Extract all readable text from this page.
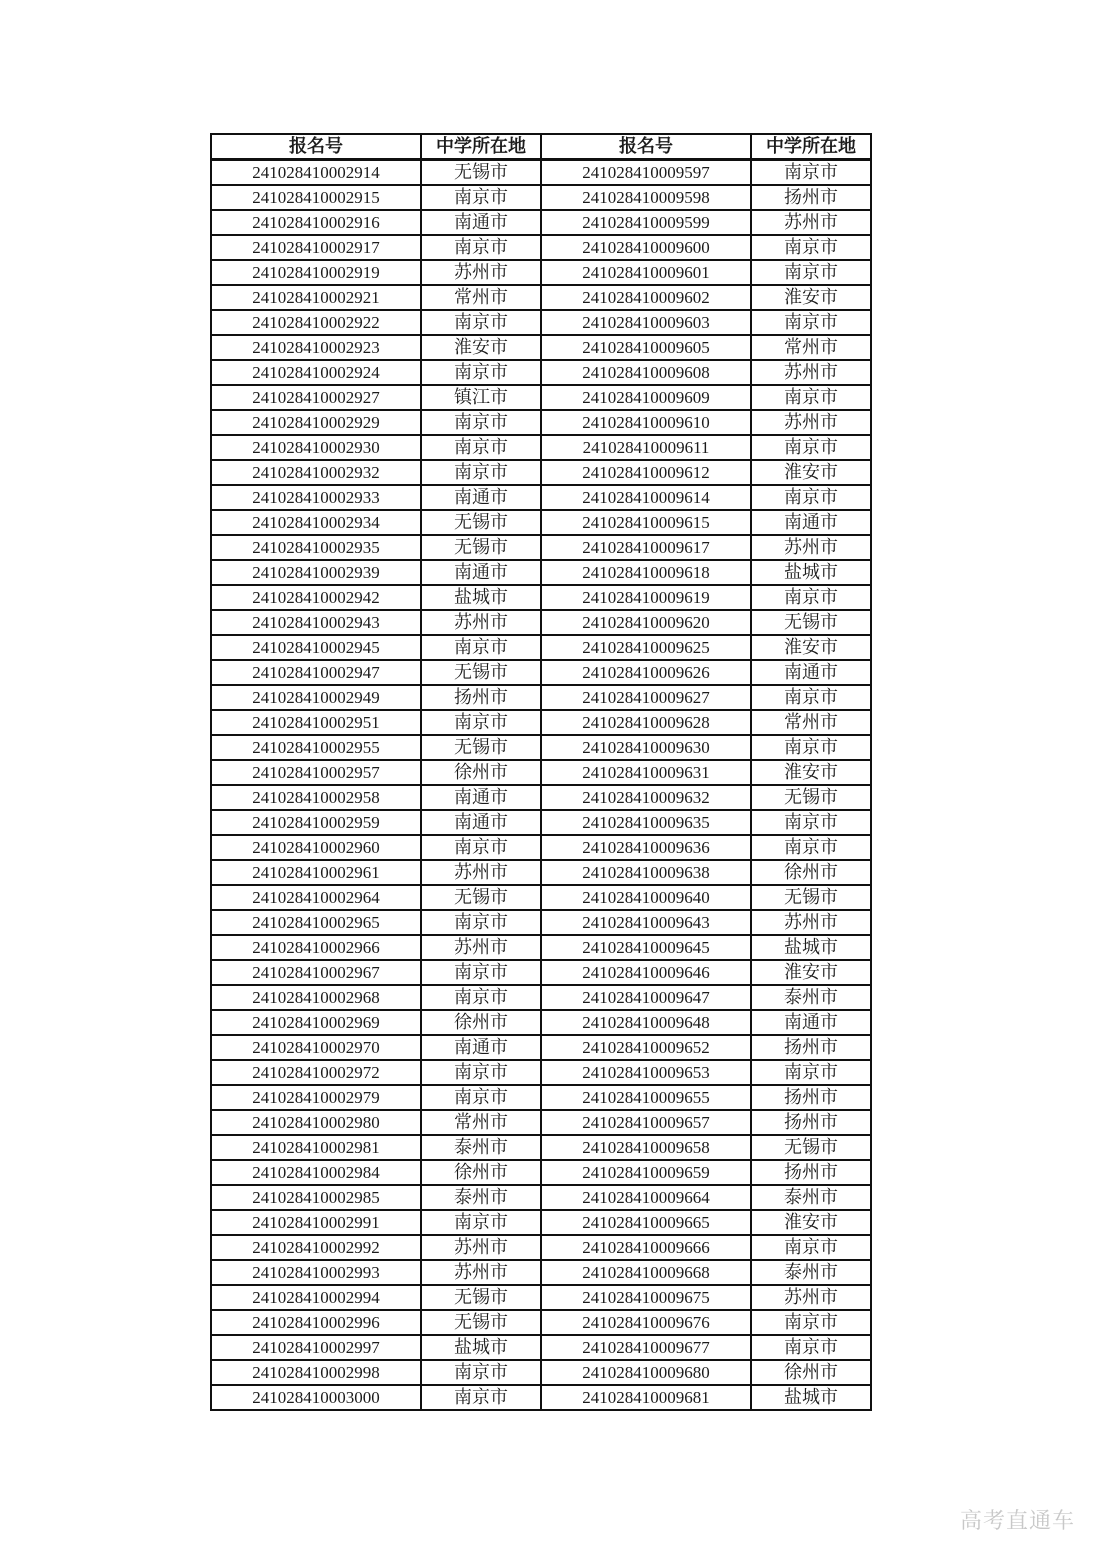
报名号	中学所在地	报名号	中学所在地
241028410002914	无锡市	241028410009597	南京市
241028410002915	南京市	241028410009598	扬州市
241028410002916	南通市	241028410009599	苏州市
241028410002917	南京市	241028410009600	南京市
241028410002919	苏州市	241028410009601	南京市
241028410002921	常州市	241028410009602	淮安市
241028410002922	南京市	241028410009603	南京市
241028410002923	淮安市	241028410009605	常州市
241028410002924	南京市	241028410009608	苏州市
241028410002927	镇江市	241028410009609	南京市
241028410002929	南京市	241028410009610	苏州市
241028410002930	南京市	241028410009611	南京市
241028410002932	南京市	241028410009612	淮安市
241028410002933	南通市	241028410009614	南京市
241028410002934	无锡市	241028410009615	南通市
241028410002935	无锡市	241028410009617	苏州市
241028410002939	南通市	241028410009618	盐城市
241028410002942	盐城市	241028410009619	南京市
241028410002943	苏州市	241028410009620	无锡市
241028410002945	南京市	241028410009625	淮安市
241028410002947	无锡市	241028410009626	南通市
241028410002949	扬州市	241028410009627	南京市
241028410002951	南京市	241028410009628	常州市
241028410002955	无锡市	241028410009630	南京市
241028410002957	徐州市	241028410009631	淮安市
241028410002958	南通市	241028410009632	无锡市
241028410002959	南通市	241028410009635	南京市
241028410002960	南京市	241028410009636	南京市
241028410002961	苏州市	241028410009638	徐州市
241028410002964	无锡市	241028410009640	无锡市
241028410002965	南京市	241028410009643	苏州市
241028410002966	苏州市	241028410009645	盐城市
241028410002967	南京市	241028410009646	淮安市
241028410002968	南京市	241028410009647	泰州市
241028410002969	徐州市	241028410009648	南通市
241028410002970	南通市	241028410009652	扬州市
241028410002972	南京市	241028410009653	南京市
241028410002979	南京市	241028410009655	扬州市
241028410002980	常州市	241028410009657	扬州市
241028410002981	泰州市	241028410009658	无锡市
241028410002984	徐州市	241028410009659	扬州市
241028410002985	泰州市	241028410009664	泰州市
241028410002991	南京市	241028410009665	淮安市
241028410002992	苏州市	241028410009666	南京市
241028410002993	苏州市	241028410009668	泰州市
241028410002994	无锡市	241028410009675	苏州市
241028410002996	无锡市	241028410009676	南京市
241028410002997	盐城市	241028410009677	南京市
241028410002998	南京市	241028410009680	徐州市
241028410003000	南京市	241028410009681	盐城市
高考直通车
